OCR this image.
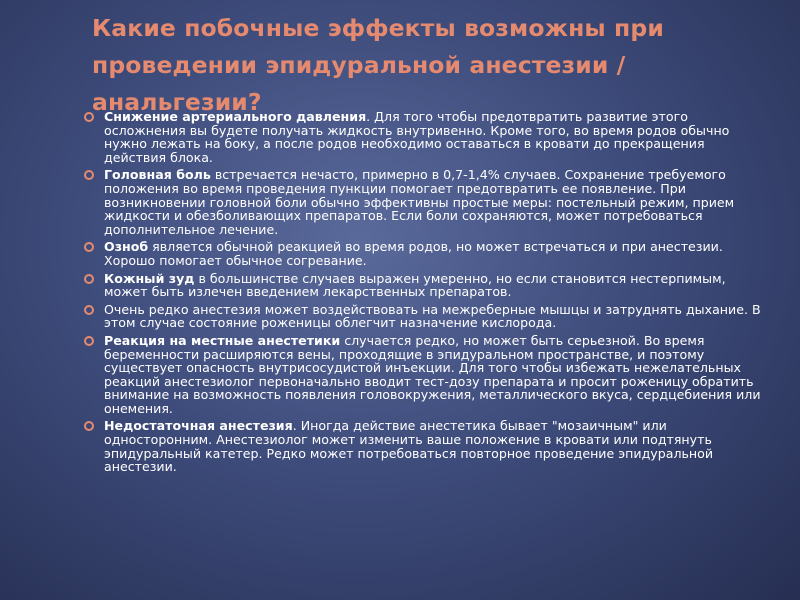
Какие побочные эффекты возможны при проведении эпидуральной анестезии / анальгезии?
Снижение артериального давления. Для того чтобы предотвратить развитие этого осложнения вы будете получать жидкость внутривенно. Кроме того, во время родов обычно нужно лежать на боку, а после родов необходимо оставаться в кровати до прекращения действия блока.
Головная боль встречается нечасто, примерно в 0,7-1,4% случаев. Сохранение требуемого положения во время проведения пункции помогает предотвратить ее появление. При возникновении головной боли обычно эффективны простые меры: постельный режим, прием жидкости и обезболивающих препаратов. Если боли сохраняются, может потребоваться дополнительное лечение.
Озноб является обычной реакцией во время родов, но может встречаться и при анестезии. Хорошо помогает обычное согревание.
Кожный зуд в большинстве случаев выражен умеренно, но если становится нестерпимым, может быть излечен введением лекарственных препаратов.
Очень редко анестезия может воздействовать на межреберные мышцы и затруднять дыхание. В этом случае состояние роженицы облегчит назначение кислорода.
Реакция на местные анестетики случается редко, но может быть серьезной. Во время беременности расширяются вены, проходящие в эпидуральном пространстве, и поэтому существует опасность внутрисосудистой инъекции. Для того чтобы избежать нежелательных реакций анестезиолог первоначально вводит тест-дозу препарата и просит роженицу обратить внимание на возможность появления головокружения, металлического вкуса, сердцебиения или онемения.
Недостаточная анестезия. Иногда действие анестетика бывает "мозаичным" или односторонним. Анестезиолог может изменить ваше положение в кровати или подтянуть эпидуральный катетер. Редко может потребоваться повторное проведение эпидуральной анестезии.
